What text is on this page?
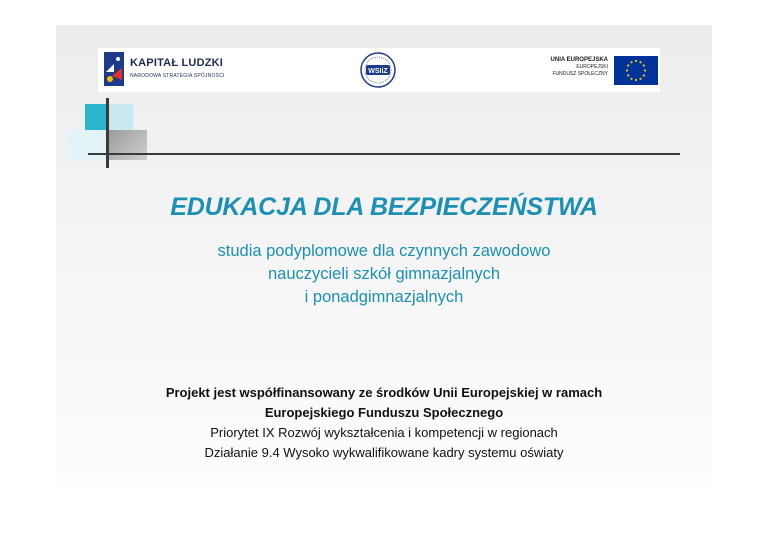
KAPITAŁ LUDZKI
NARODOWA STRATEGIA SPÓJNOŚCI
WSIiZ
UNIA EUROPEJSKA
EUROPEJSKI
FUNDUSZ SPOŁECZNY
EDUKACJA DLA BEZPIECZEŃSTWA
studia podyplomowe dla czynnych zawodowo
nauczycieli szkół gimnazjalnych
i ponadgimnazjalnych
Projekt jest współfinansowany ze środków Unii Europejskiej w ramach
Europejskiego Funduszu Społecznego
Priorytet IX Rozwój wykształcenia i kompetencji w regionach
Działanie 9.4 Wysoko wykwalifikowane kadry systemu oświaty
